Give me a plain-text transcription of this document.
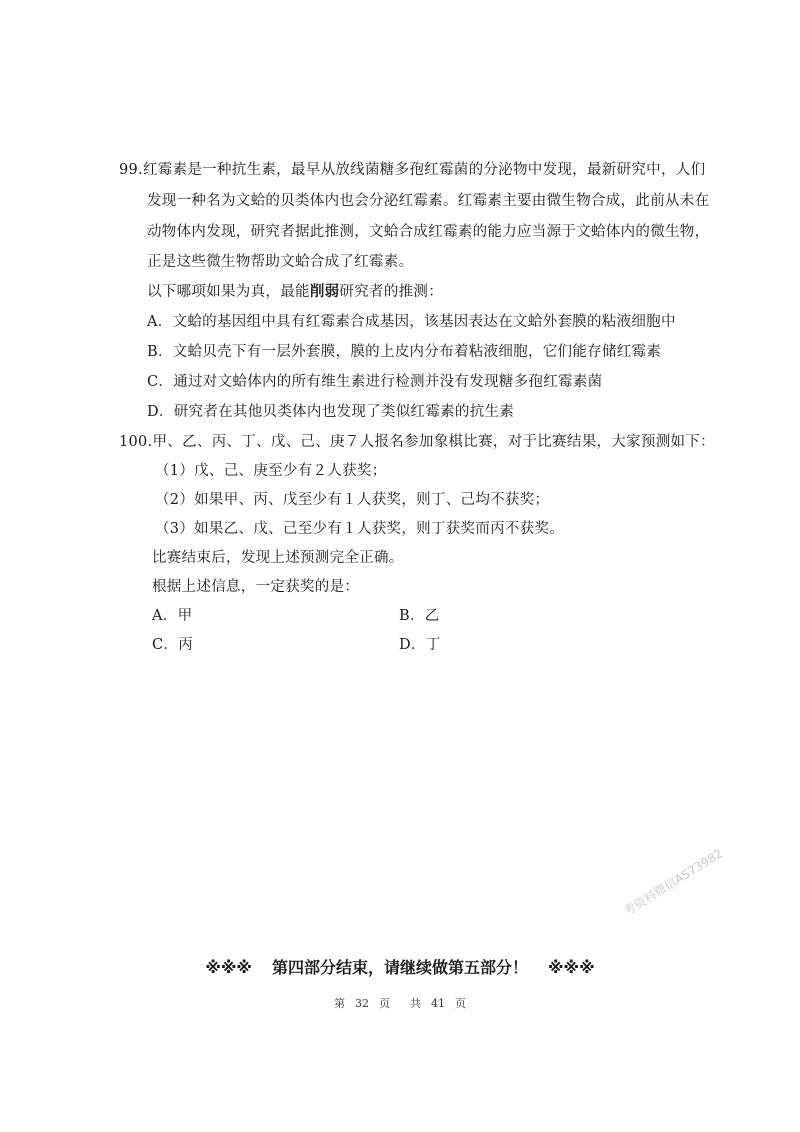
99.红霉素是一种抗生素，最早从放线菌糖多孢红霉菌的分泌物中发现，最新研究中，人们
发现一种名为文蛤的贝类体内也会分泌红霉素。红霉素主要由微生物合成，此前从未在
动物体内发现，研究者据此推测，文蛤合成红霉素的能力应当源于文蛤体内的微生物，
正是这些微生物帮助文蛤合成了红霉素。
以下哪项如果为真，最能削弱研究者的推测：
A．文蛤的基因组中具有红霉素合成基因，该基因表达在文蛤外套膜的粘液细胞中
B．文蛤贝壳下有一层外套膜，膜的上皮内分布着粘液细胞，它们能存储红霉素
C．通过对文蛤体内的所有维生素进行检测并没有发现糖多孢红霉素菌
D．研究者在其他贝类体内也发现了类似红霉素的抗生素
100.甲、乙、丙、丁、戊、己、庚７人报名参加象棋比赛，对于比赛结果，大家预测如下：
（1）戊、己、庚至少有２人获奖；
（2）如果甲、丙、戊至少有１人获奖，则丁、己均不获奖；
（3）如果乙、戊、己至少有１人获奖，则丁获奖而丙不获奖。
比赛结束后，发现上述预测完全正确。
根据上述信息，一定获奖的是：
A．甲	B．乙
C．丙	D．丁
考资料微信AS73982
※※※ 第四部分结束，请继续做第五部分！ ※※※
第 32 页 共 41 页
